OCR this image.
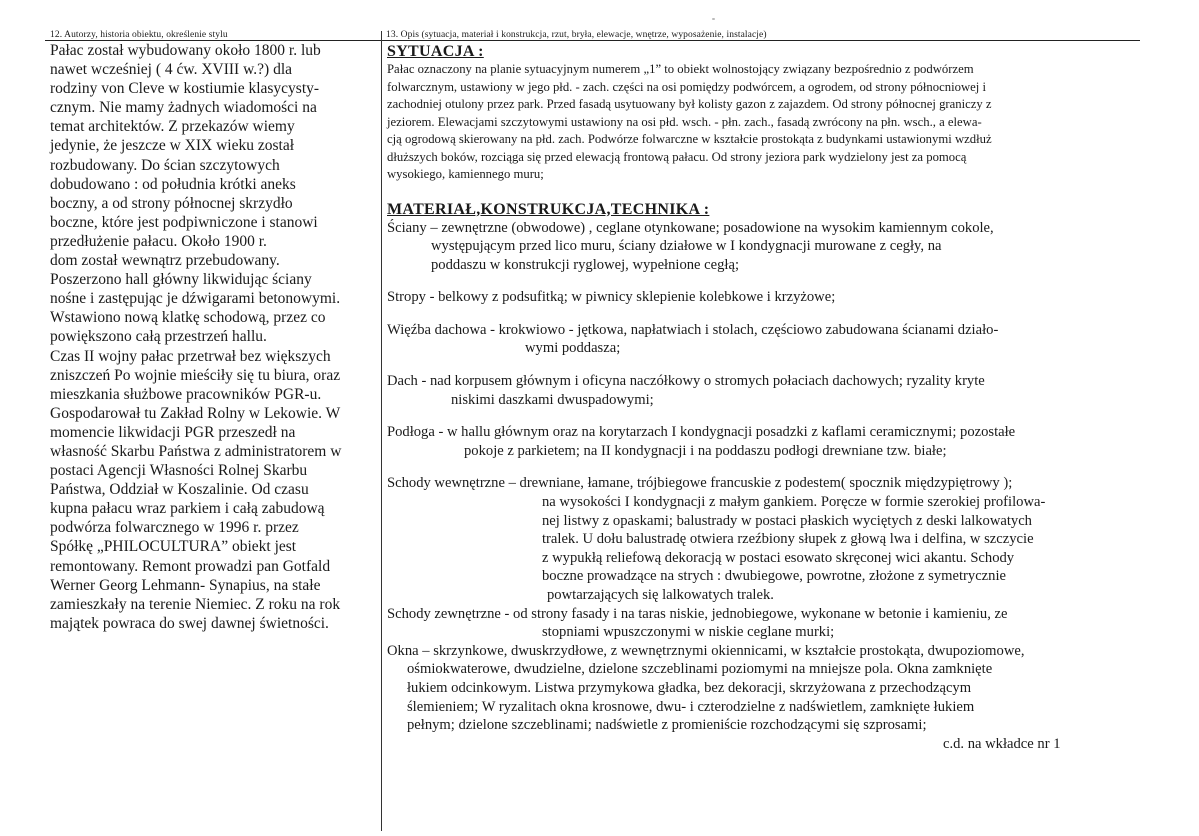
12. Autorzy, historia obiektu, określenie stylu	13. Opis (sytuacja, materiał i konstrukcja, rzut, bryła, elewacje, wnętrze, wyposażenie, instalacje)
Pałac został wybudowany około 1800 r. lub
nawet wcześniej ( 4 ćw. XVIII w.?) dla
rodziny von Cleve w kostiumie klasycysty-
cznym. Nie mamy żadnych wiadomości na
temat architektów. Z przekazów wiemy
jedynie, że jeszcze w XIX wieku został
rozbudowany. Do ścian szczytowych
dobudowano : od południa krótki aneks
boczny, a od strony północnej skrzydło
boczne, które jest podpiwniczone i stanowi
przedłużenie pałacu. Około 1900 r.
dom został wewnątrz przebudowany.
Poszerzono hall główny likwidując ściany
nośne i zastępując je dźwigarami betonowymi.
Wstawiono nową klatkę schodową, przez co
powiększono całą przestrzeń hallu.
Czas II wojny pałac przetrwał bez większych
zniszczeń Po wojnie mieściły się tu biura, oraz
mieszkania służbowe pracowników PGR-u.
Gospodarował tu Zakład Rolny w Lekowie. W
momencie likwidacji PGR przeszedł na
własność Skarbu Państwa z administratorem w
postaci Agencji Własności Rolnej Skarbu
Państwa, Oddział w Koszalinie. Od czasu
kupna pałacu wraz parkiem i całą zabudową
podwórza folwarcznego w 1996 r. przez
Spółkę „PHILOCULTURA” obiekt jest
remontowany. Remont prowadzi pan Gotfald
Werner Georg Lehmann- Synapius, na stałe
zamieszkały na terenie Niemiec. Z roku na rok
majątek powraca do swej dawnej świetności.
SYTUACJA :
Pałac oznaczony na planie sytuacyjnym numerem „1” to obiekt wolnostojący związany bezpośrednio z podwórzem
folwarcznym, ustawiony w jego płd. - zach. części na osi pomiędzy podwórcem, a ogrodem, od strony północniowej i
zachodniej otulony przez park. Przed fasadą usytuowany był kolisty gazon z zajazdem. Od strony północnej graniczy z
jeziorem. Elewacjami szczytowymi ustawiony na osi płd. wsch. - płn. zach., fasadą zwrócony na płn. wsch., a elewa-
cją ogrodową skierowany na płd. zach. Podwórze folwarczne w kształcie prostokąta z budynkami ustawionymi wzdłuż
dłuższych boków, rozciąga się przed elewacją frontową pałacu. Od strony jeziora park wydzielony jest za pomocą
wysokiego, kamiennego muru;
MATERIAŁ,KONSTRUKCJA,TECHNIKA :
Ściany – zewnętrzne (obwodowe) , ceglane otynkowane; posadowione na wysokim kamiennym cokole,
występującym przed lico muru, ściany działowe w I kondygnacji murowane z cegły, na
poddaszu w konstrukcji ryglowej, wypełnione cegłą;
Stropy - belkowy z podsufitką; w piwnicy sklepienie kolebkowe i krzyżowe;
Więźba dachowa - krokwiowo - jętkowa, napłatwiach i stolach, częściowo zabudowana ścianami działo-
wymi poddasza;
Dach - nad korpusem głównym i oficyna naczółkowy o stromych połaciach dachowych; ryzality kryte
niskimi daszkami dwuspadowymi;
Podłoga - w hallu głównym oraz na korytarzach I kondygnacji posadzki z kaflami ceramicznymi; pozostałe
pokoje z parkietem; na II kondygnacji i na poddaszu podłogi drewniane tzw. białe;
Schody wewnętrzne – drewniane, łamane, trójbiegowe francuskie z podestem( spocznik międzypiętrowy );
na wysokości I kondygnacji z małym gankiem. Poręcze w formie szerokiej profilowa-
nej listwy z opaskami; balustrady w postaci płaskich wyciętych z deski lalkowatych
tralek. U dołu balustradę otwiera rzeźbiony słupek z głową lwa i delfina, w szczycie
z wypukłą reliefową dekoracją w postaci esowato skręconej wici akantu. Schody
boczne prowadzące na strych : dwubiegowe, powrotne, złożone z symetrycznie
powtarzających się lalkowatych tralek.
Schody zewnętrzne - od strony fasady i na taras niskie, jednobiegowe, wykonane w betonie i kamieniu, ze
stopniami wpuszczonymi w niskie ceglane murki;
Okna – skrzynkowe, dwuskrzydłowe, z wewnętrznymi okiennicami, w kształcie prostokąta, dwupoziomowe,
ośmiokwaterowe, dwudzielne, dzielone szczeblinami poziomymi na mniejsze pola. Okna zamknięte
łukiem odcinkowym. Listwa przymykowa gładka, bez dekoracji, skrzyżowana z przechodzącym
ślemieniem; W ryzalitach okna krosnowe, dwu- i czterodzielne z nadświetlem, zamknięte łukiem
pełnym; dzielone szczeblinami; nadświetle z promieniście rozchodzącymi się szprosami;
c.d. na wkładce nr 1
